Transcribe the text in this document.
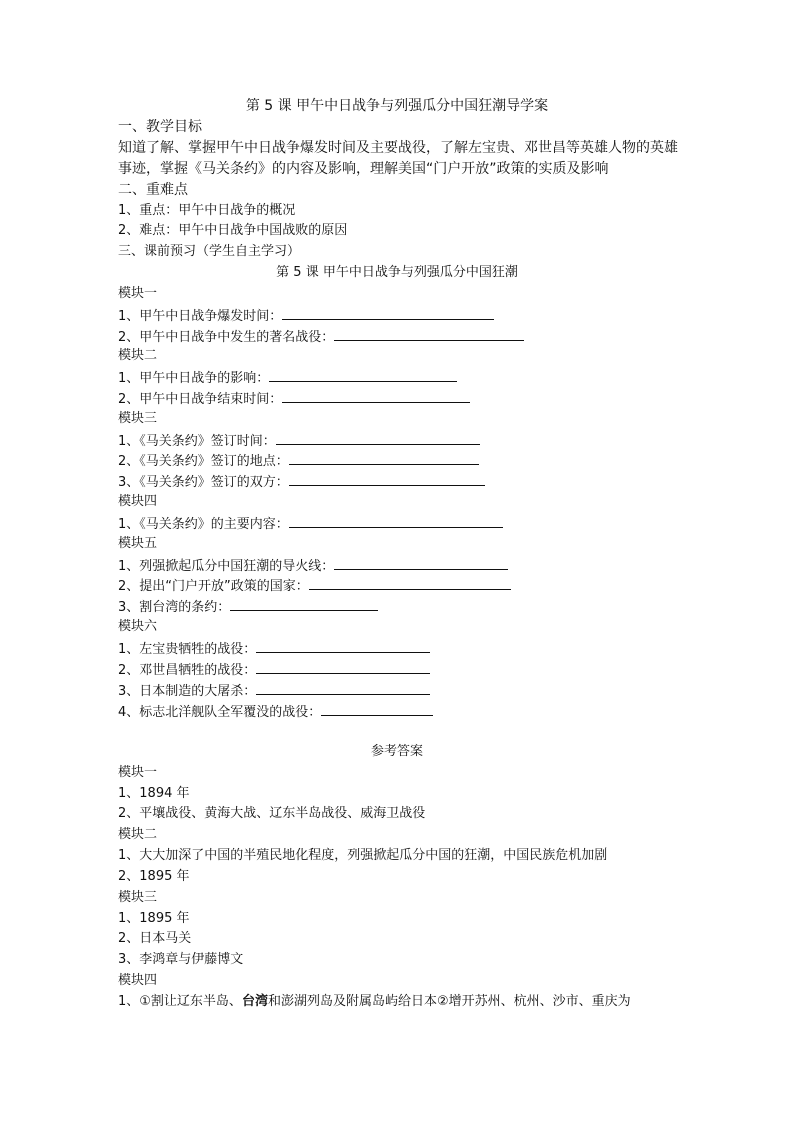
第 5 课 甲午中日战争与列强瓜分中国狂潮导学案
一、教学目标
知道了解、掌握甲午中日战争爆发时间及主要战役，了解左宝贵、邓世昌等英雄人物的英雄
事迹，掌握《马关条约》的内容及影响，理解美国“门户开放”政策的实质及影响
二、重难点
1、重点：甲午中日战争的概况
2、难点：甲午中日战争中国战败的原因
三、课前预习（学生自主学习）
第 5 课 甲午中日战争与列强瓜分中国狂潮
模块一
1、甲午中日战争爆发时间：
2、甲午中日战争中发生的著名战役：
模块二
1、甲午中日战争的影响：
2、甲午中日战争结束时间：
模块三
1、《马关条约》签订时间：
2、《马关条约》签订的地点：
3、《马关条约》签订的双方：
模块四
1、《马关条约》的主要内容：
模块五
1、列强掀起瓜分中国狂潮的导火线：
2、提出“门户开放”政策的国家：
3、割台湾的条约：
模块六
1、左宝贵牺牲的战役：
2、邓世昌牺牲的战役：
3、日本制造的大屠杀：
4、标志北洋舰队全军覆没的战役：
参考答案
模块一
1、1894 年
2、平壤战役、黄海大战、辽东半岛战役、威海卫战役
模块二
1、大大加深了中国的半殖民地化程度，列强掀起瓜分中国的狂潮，中国民族危机加剧
2、1895 年
模块三
1、1895 年
2、日本马关
3、李鸿章与伊藤博文
模块四
1、①割让辽东半岛、台湾和澎湖列岛及附属岛屿给日本②增开苏州、杭州、沙市、重庆为
